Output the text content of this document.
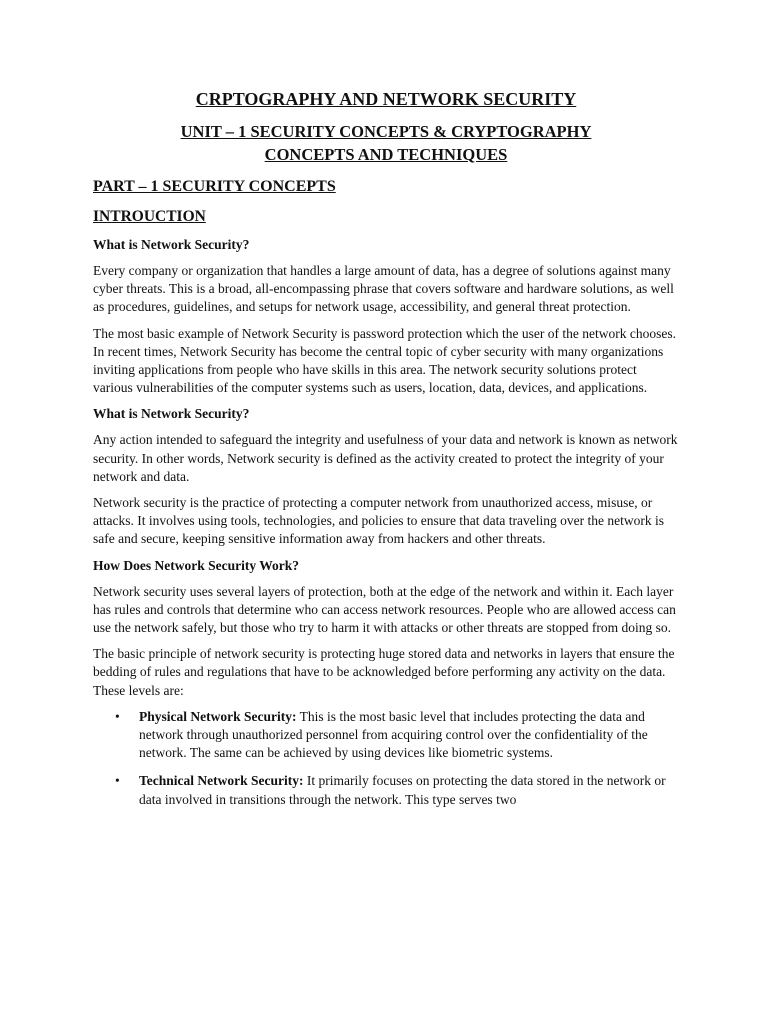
CRPTOGRAPHY AND NETWORK SECURITY

UNIT – 1 SECURITY CONCEPTS & CRYPTOGRAPHY
CONCEPTS AND TECHNIQUES

PART – 1 SECURITY CONCEPTS

INTROUCTION

What is Network Security?

Every company or organization that handles a large amount of data, has a degree of solutions against many cyber threats. This is a broad, all-encompassing phrase that covers software and hardware solutions, as well as procedures, guidelines, and setups for network usage, accessibility, and general threat protection.

The most basic example of Network Security is password protection which the user of the network chooses. In recent times, Network Security has become the central topic of cyber security with many organizations inviting applications from people who have skills in this area. The network security solutions protect various vulnerabilities of the computer systems such as users, location, data, devices, and applications.

What is Network Security?

Any action intended to safeguard the integrity and usefulness of your data and network is known as network security. In other words, Network security is defined as the activity created to protect the integrity of your network and data.

Network security is the practice of protecting a computer network from unauthorized access, misuse, or attacks. It involves using tools, technologies, and policies to ensure that data traveling over the network is safe and secure, keeping sensitive information away from hackers and other threats.

How Does Network Security Work?

Network security uses several layers of protection, both at the edge of the network and within it. Each layer has rules and controls that determine who can access network resources. People who are allowed access can use the network safely, but those who try to harm it with attacks or other threats are stopped from doing so.

The basic principle of network security is protecting huge stored data and networks in layers that ensure the bedding of rules and regulations that have to be acknowledged before performing any activity on the data. These levels are:

• Physical Network Security: This is the most basic level that includes protecting the data and network through unauthorized personnel from acquiring control over the confidentiality of the network. The same can be achieved by using devices like biometric systems.
• Technical Network Security: It primarily focuses on protecting the data stored in the network or data involved in transitions through the network. This type serves two
